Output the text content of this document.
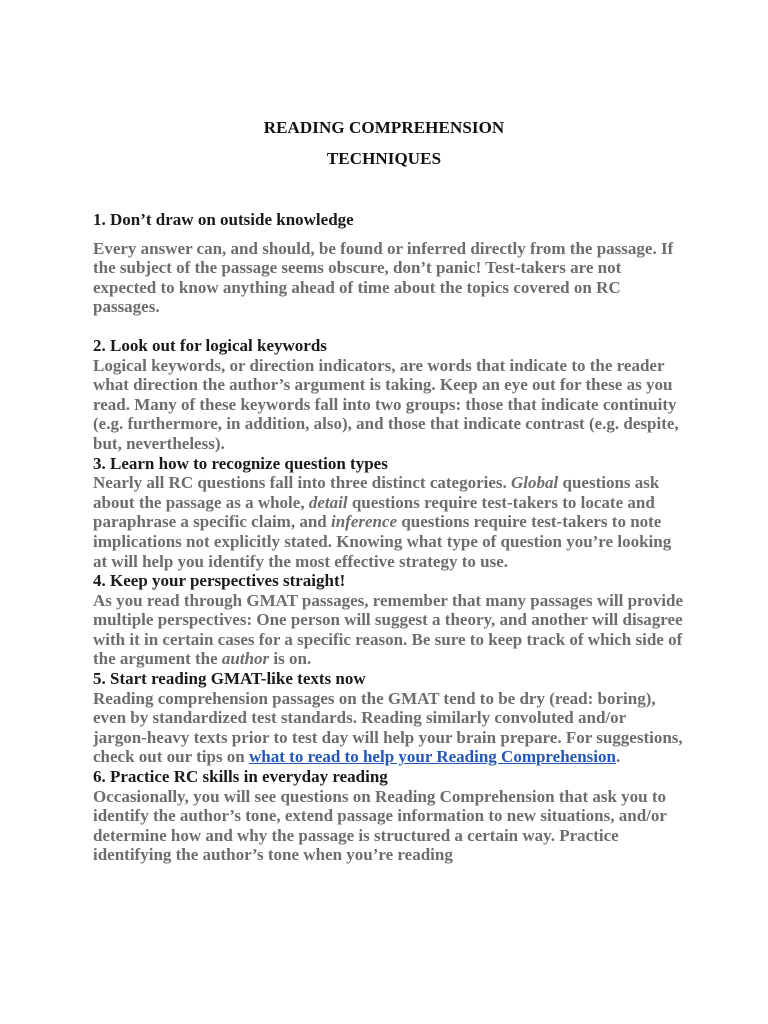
READING COMPREHENSION
TECHNIQUES

1. Don’t draw on outside knowledge

Every answer can, and should, be found or inferred directly from the passage. If the subject of the passage seems obscure, don’t panic! Test-takers are not expected to know anything ahead of time about the topics covered on RC passages.

2. Look out for logical keywords

Logical keywords, or direction indicators, are words that indicate to the reader what direction the author’s argument is taking. Keep an eye out for these as you read. Many of these keywords fall into two groups: those that indicate continuity (e.g. furthermore, in addition, also), and those that indicate contrast (e.g. despite, but, nevertheless).

3. Learn how to recognize question types

Nearly all RC questions fall into three distinct categories. Global questions ask about the passage as a whole, detail questions require test-takers to locate and paraphrase a specific claim, and inference questions require test-takers to note implications not explicitly stated. Knowing what type of question you’re looking at will help you identify the most effective strategy to use.

4. Keep your perspectives straight!

As you read through GMAT passages, remember that many passages will provide multiple perspectives: One person will suggest a theory, and another will disagree with it in certain cases for a specific reason. Be sure to keep track of which side of the argument the author is on.

5. Start reading GMAT-like texts now

Reading comprehension passages on the GMAT tend to be dry (read: boring), even by standardized test standards. Reading similarly convoluted and/or jargon-heavy texts prior to test day will help your brain prepare. For suggestions, check out our tips on what to read to help your Reading Comprehension.

6. Practice RC skills in everyday reading

Occasionally, you will see questions on Reading Comprehension that ask you to identify the author’s tone, extend passage information to new situations, and/or determine how and why the passage is structured a certain way. Practice identifying the author’s tone when you’re reading
